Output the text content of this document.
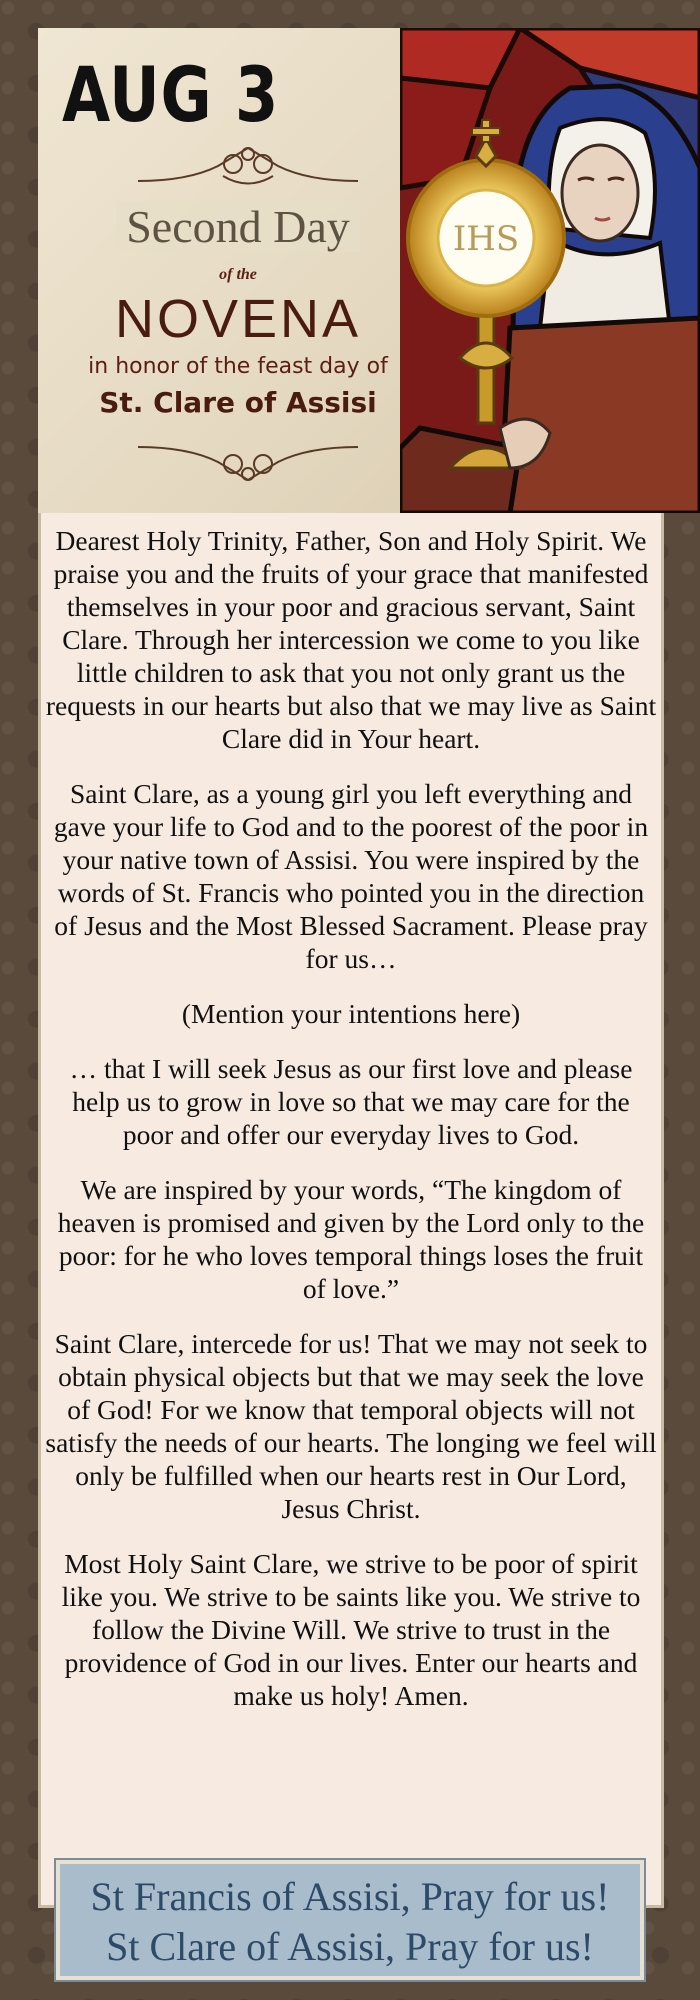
AUG 3
Second Day
of the
NOVENA
in honor of the feast day of
St. Clare of Assisi
IHS

Dearest Holy Trinity, Father, Son and Holy Spirit. We praise you and the fruits of your grace that manifested themselves in your poor and gracious servant, Saint Clare. Through her intercession we come to you like little children to ask that you not only grant us the requests in our hearts but also that we may live as Saint Clare did in Your heart.

Saint Clare, as a young girl you left everything and gave your life to God and to the poorest of the poor in your native town of Assisi. You were inspired by the words of St. Francis who pointed you in the direction of Jesus and the Most Blessed Sacrament. Please pray for us…

(Mention your intentions here)

… that I will seek Jesus as our first love and please help us to grow in love so that we may care for the poor and offer our everyday lives to God.

We are inspired by your words, “The kingdom of heaven is promised and given by the Lord only to the poor: for he who loves temporal things loses the fruit of love.”

Saint Clare, intercede for us! That we may not seek to obtain physical objects but that we may seek the love of God! For we know that temporal objects will not satisfy the needs of our hearts. The longing we feel will only be fulfilled when our hearts rest in Our Lord, Jesus Christ.

Most Holy Saint Clare, we strive to be poor of spirit like you. We strive to be saints like you. We strive to follow the Divine Will. We strive to trust in the providence of God in our lives. Enter our hearts and make us holy! Amen.

St Francis of Assisi, Pray for us!
St Clare of Assisi, Pray for us!
